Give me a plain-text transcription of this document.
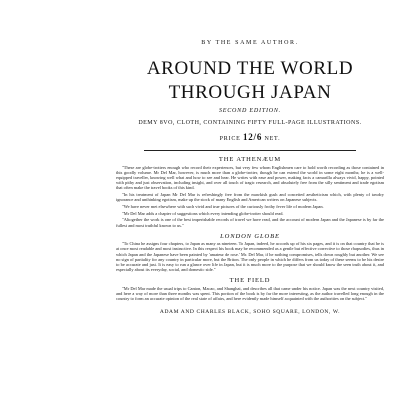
BY THE SAME AUTHOR.
AROUND THE WORLD
THROUGH JAPAN
SECOND EDITION.
DEMY 8VO, CLOTH, CONTAINING FIFTY FULL-PAGE ILLUSTRATIONS.
PRICE 12/6 NET.
THE ATHENÆUM

"These are globe-trotters enough who record their experiences, but very few whom Englishmen care to hold worth recording as those contained in this goodly volume. Mr Del Mar, however, is much more than a globe-trotter, though he can extend the world in some eight months; he is a well-equipped traveller, knowing well what and how to see and hear. He writes with ease and power, making facts a camarilla always vivid, happy, pointed with pithy and just observation, including insight, and over all touch of tragic research, and absolutely free from the silly sentiment and trade egotism that often make the travel books of this kind.

"In his treatment of Japan Mr Del Mar is refreshingly free from the mawkish gush and conceited aestheticism which, with plenty of tawdry ignorance and unthinking egotism, make up the stock of many English and American writers on Japanese subjects.

"We have never met elsewhere with such vivid and true pictures of the curiously frothy fever life of modern Japan.

"Mr Del Mar adds a chapter of suggestions which every intending globe-trotter should read.

"Altogether the work is one of the best imperishable records of travel we have read, and the account of modern Japan and the Japanese is by far the fullest and most truthful known to us."

LONDON GLOBE

"To China he assigns four chapters, to Japan as many as nineteen. To Japan, indeed, he accords up of his six pages, and it is on that country that he is at once most readable and most instructive. In this respect his book may be recommended as a gentle but effective corrective to those rhapsodies, thus in which Japan and the Japanese have been painted by 'amateur de rose.' Mr. Del Mar, if he nothing compromises, tells down roughly but another. We see no sign of partiality for any country in particular more, but the Briton. The only people in which he differs from us today of these seems to be his desire to be accurate and just. It is easy to run a glance over life in Japan, but it is much more to the purpose that we should know the seen truth about it, and especially about its everyday, social, and domestic side."

THE FIELD

"Mr Del Mar made the usual trips to Canton, Macao, and Shanghai, and describes all that came under his notice. Japan was the next country visited, and here a way of more than three months was spent. This portion of the book is by far the more interesting, as the author travelled long enough in the country to form an accurate opinion of the real state of affairs, and here evidently made himself acquainted with the authorities on the subject."

ADAM AND CHARLES BLACK, SOHO SQUARE, LONDON, W.
